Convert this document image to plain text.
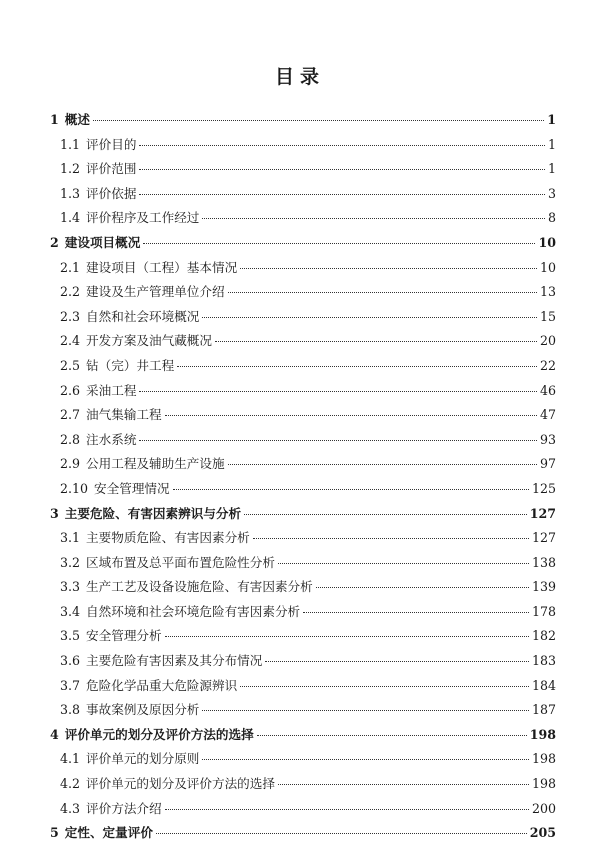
目录
1 概述	1
1.1 评价目的	1
1.2 评价范围	1
1.3 评价依据	3
1.4 评价程序及工作经过	8
2 建设项目概况	10
2.1 建设项目（工程）基本情况	10
2.2 建设及生产管理单位介绍	13
2.3 自然和社会环境概况	15
2.4 开发方案及油气藏概况	20
2.5 钻（完）井工程	22
2.6 采油工程	46
2.7 油气集输工程	47
2.8 注水系统	93
2.9 公用工程及辅助生产设施	97
2.10 安全管理情况	125
3 主要危险、有害因素辨识与分析	127
3.1 主要物质危险、有害因素分析	127
3.2 区域布置及总平面布置危险性分析	138
3.3 生产工艺及设备设施危险、有害因素分析	139
3.4 自然环境和社会环境危险有害因素分析	178
3.5 安全管理分析	182
3.6 主要危险有害因素及其分布情况	183
3.7 危险化学品重大危险源辨识	184
3.8 事故案例及原因分析	187
4 评价单元的划分及评价方法的选择	198
4.1 评价单元的划分原则	198
4.2 评价单元的划分及评价方法的选择	198
4.3 评价方法介绍	200
5 定性、定量评价	205
